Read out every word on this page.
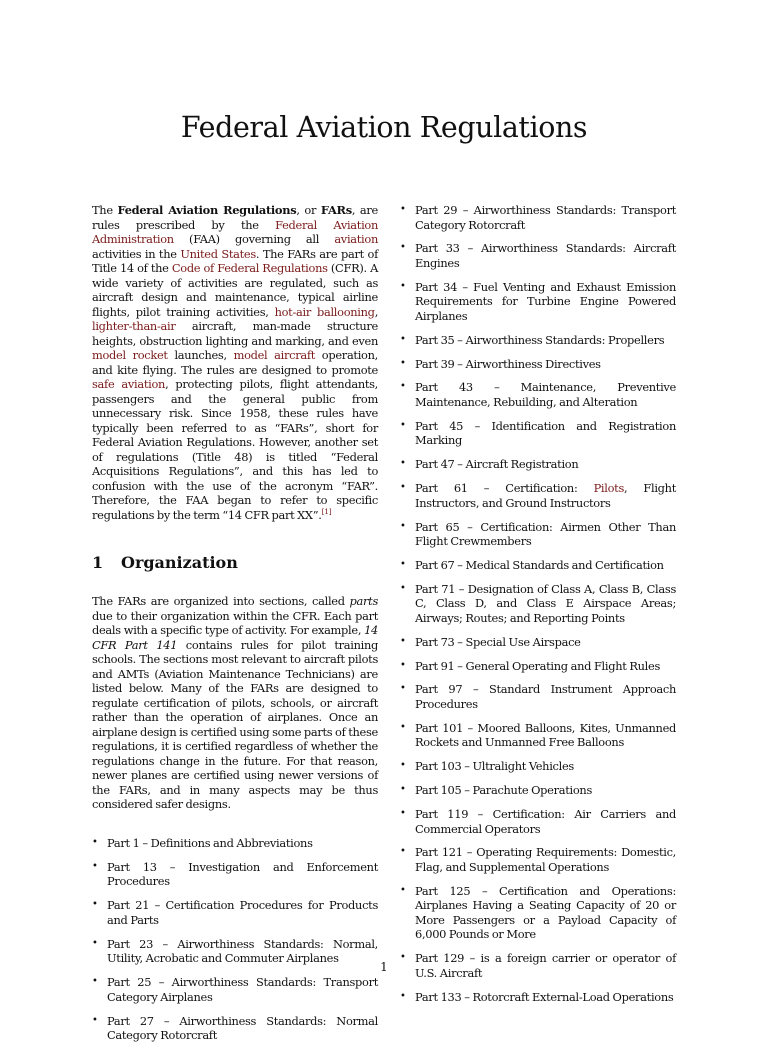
Federal Aviation Regulations

The Federal Aviation Regulations, or FARs, are rules prescribed by the Federal Aviation Administration (FAA) governing all aviation activities in the United States. The FARs are part of Title 14 of the Code of Federal Regulations (CFR). A wide variety of activities are regulated, such as aircraft design and maintenance, typical airline flights, pilot training activities, hot-air ballooning, lighter-than-air aircraft, man-made structure heights, obstruction lighting and marking, and even model rocket launches, model aircraft operation, and kite flying. The rules are designed to promote safe aviation, protecting pilots, flight attendants, passengers and the general public from unnecessary risk. Since 1958, these rules have typically been referred to as “FARs”, short for Federal Aviation Regulations. However, another set of regulations (Title 48) is titled “Federal Acquisitions Regulations”, and this has led to confusion with the use of the acronym “FAR”. Therefore, the FAA began to refer to specific regulations by the term “14 CFR part XX”.[1]

1 Organization

The FARs are organized into sections, called parts due to their organization within the CFR. Each part deals with a specific type of activity. For example, 14 CFR Part 141 contains rules for pilot training schools. The sections most relevant to aircraft pilots and AMTs (Aviation Maintenance Technicians) are listed below. Many of the FARs are designed to regulate certification of pilots, schools, or aircraft rather than the operation of airplanes. Once an airplane design is certified using some parts of these regulations, it is certified regardless of whether the regulations change in the future. For that reason, newer planes are certified using newer versions of the FARs, and in many aspects may be thus considered safer designs.

• Part 1 – Definitions and Abbreviations
• Part 13 – Investigation and Enforcement Procedures
• Part 21 – Certification Procedures for Products and Parts
• Part 23 – Airworthiness Standards: Normal, Utility, Acrobatic and Commuter Airplanes
• Part 25 – Airworthiness Standards: Transport Category Airplanes
• Part 27 – Airworthiness Standards: Normal Category Rotorcraft
• Part 29 – Airworthiness Standards: Transport Category Rotorcraft
• Part 33 – Airworthiness Standards: Aircraft Engines
• Part 34 – Fuel Venting and Exhaust Emission Requirements for Turbine Engine Powered Airplanes
• Part 35 – Airworthiness Standards: Propellers
• Part 39 – Airworthiness Directives
• Part 43 – Maintenance, Preventive Maintenance, Rebuilding, and Alteration
• Part 45 – Identification and Registration Marking
• Part 47 – Aircraft Registration
• Part 61 – Certification: Pilots, Flight Instructors, and Ground Instructors
• Part 65 – Certification: Airmen Other Than Flight Crewmembers
• Part 67 – Medical Standards and Certification
• Part 71 – Designation of Class A, Class B, Class C, Class D, and Class E Airspace Areas; Airways; Routes; and Reporting Points
• Part 73 – Special Use Airspace
• Part 91 – General Operating and Flight Rules
• Part 97 – Standard Instrument Approach Procedures
• Part 101 – Moored Balloons, Kites, Unmanned Rockets and Unmanned Free Balloons
• Part 103 – Ultralight Vehicles
• Part 105 – Parachute Operations
• Part 119 – Certification: Air Carriers and Commercial Operators
• Part 121 – Operating Requirements: Domestic, Flag, and Supplemental Operations
• Part 125 – Certification and Operations: Airplanes Having a Seating Capacity of 20 or More Passengers or a Payload Capacity of 6,000 Pounds or More
• Part 129 – is a foreign carrier or operator of U.S. Aircraft
• Part 133 – Rotorcraft External-Load Operations
1
